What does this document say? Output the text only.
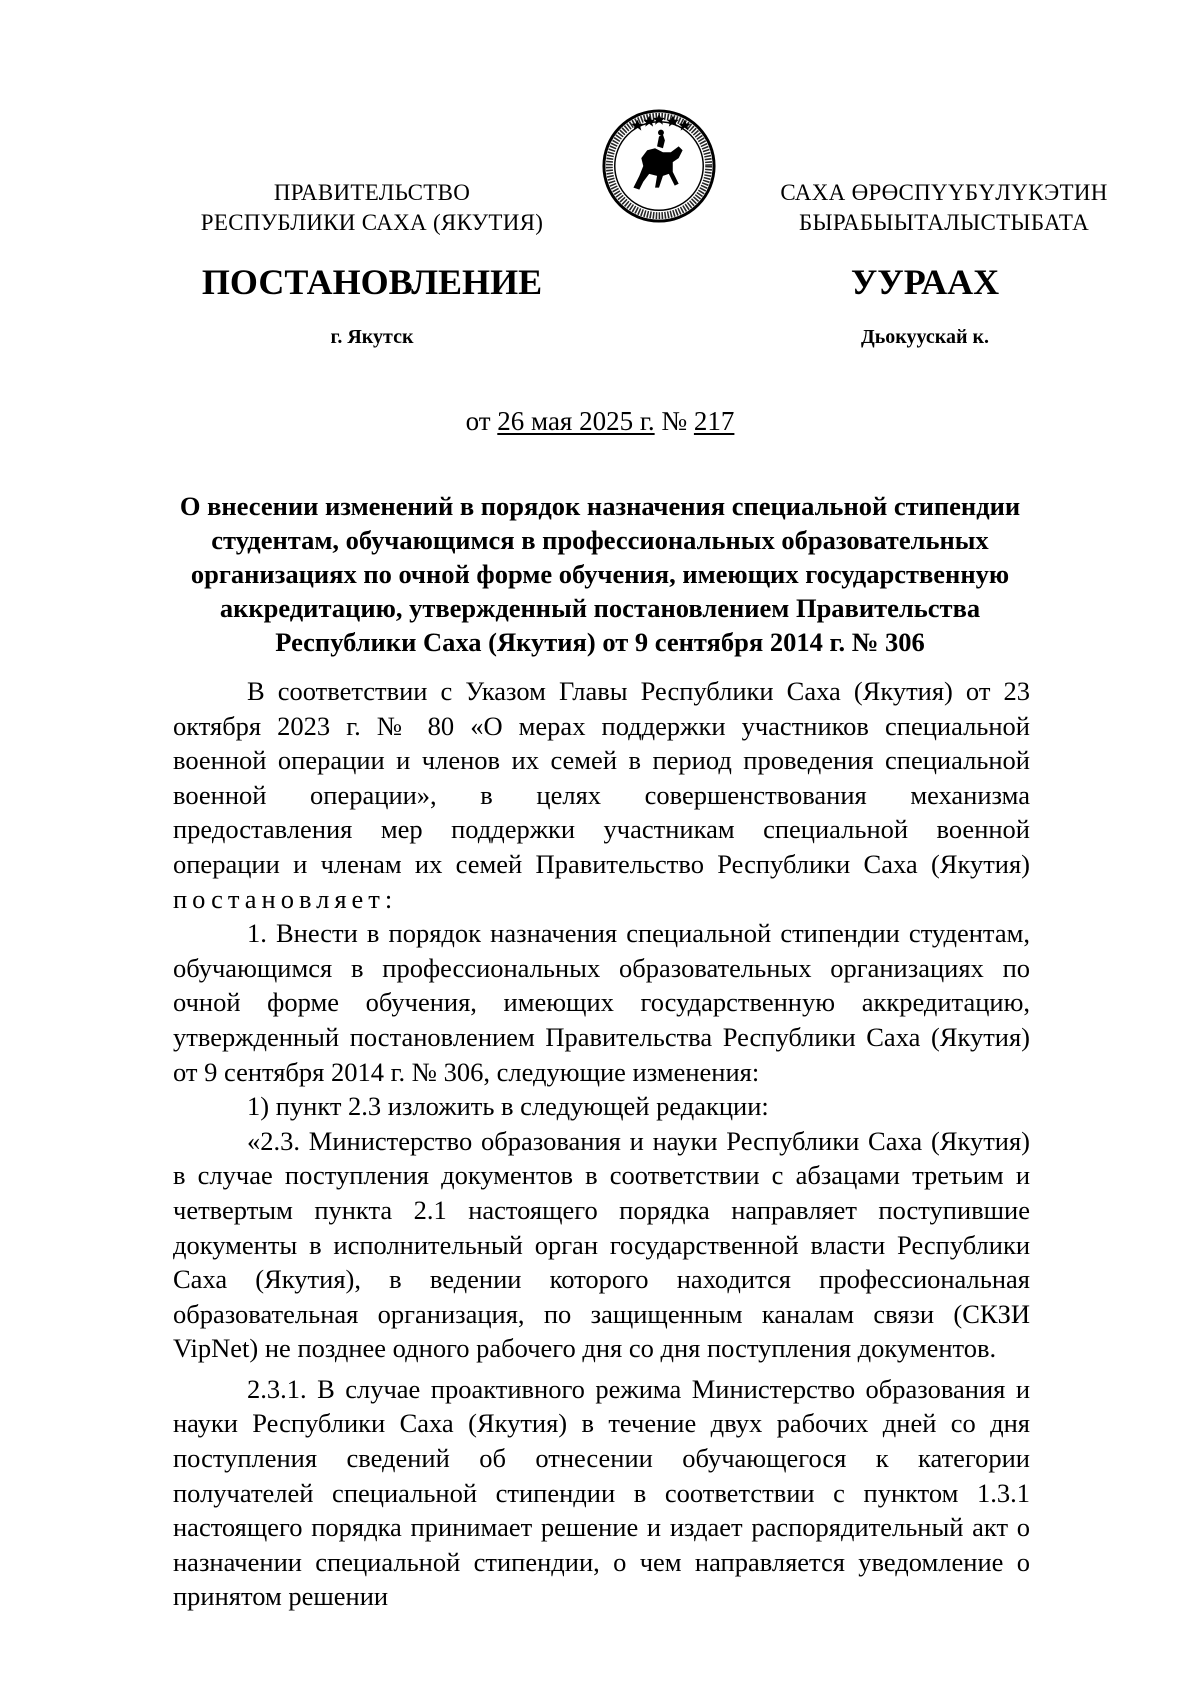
ПРАВИТЕЛЬСТВО
РЕСПУБЛИКИ САХА (ЯКУТИЯ)
САХА ӨРӨСПҮҮБҮЛҮКЭТИН
БЫРАБЫЫТАЛЫСТЫБАТА
ПОСТАНОВЛЕНИЕ	УУРААХ
г. Якутск	Дьокуускай к.
от 26 мая 2025 г. № 217
О внесении изменений в порядок назначения специальной стипендии
студентам, обучающимся в профессиональных образовательных
организациях по очной форме обучения, имеющих государственную
аккредитацию, утвержденный постановлением Правительства
Республики Саха (Якутия) от 9 сентября 2014 г. № 306

В соответствии с Указом Главы Республики Саха (Якутия) от 23 октября 2023 г. № 80 «О мерах поддержки участников специальной военной операции и членов их семей в период проведения специальной военной операции», в целях совершенствования механизма предоставления мер поддержки участникам специальной военной операции и членам их семей Правительство Республики Саха (Якутия) постановляет:

1. Внести в порядок назначения специальной стипендии студентам, обучающимся в профессиональных образовательных организациях по очной форме обучения, имеющих государственную аккредитацию, утвержденный постановлением Правительства Республики Саха (Якутия) от 9 сентября 2014 г. № 306, следующие изменения:

1) пункт 2.3 изложить в следующей редакции:

«2.3. Министерство образования и науки Республики Саха (Якутия) в случае поступления документов в соответствии с абзацами третьим и четвертым пункта 2.1 настоящего порядка направляет поступившие документы в исполнительный орган государственной власти Республики Саха (Якутия), в ведении которого находится профессиональная образовательная организация, по защищенным каналам связи (СКЗИ VipNet) не позднее одного рабочего дня со дня поступления документов.

2.3.1. В случае проактивного режима Министерство образования и науки Республики Саха (Якутия) в течение двух рабочих дней со дня поступления сведений об отнесении обучающегося к категории получателей специальной стипендии в соответствии с пунктом 1.3.1 настоящего порядка принимает решение и издает распорядительный акт о назначении специальной стипендии, о чем направляется уведомление о принятом решении
